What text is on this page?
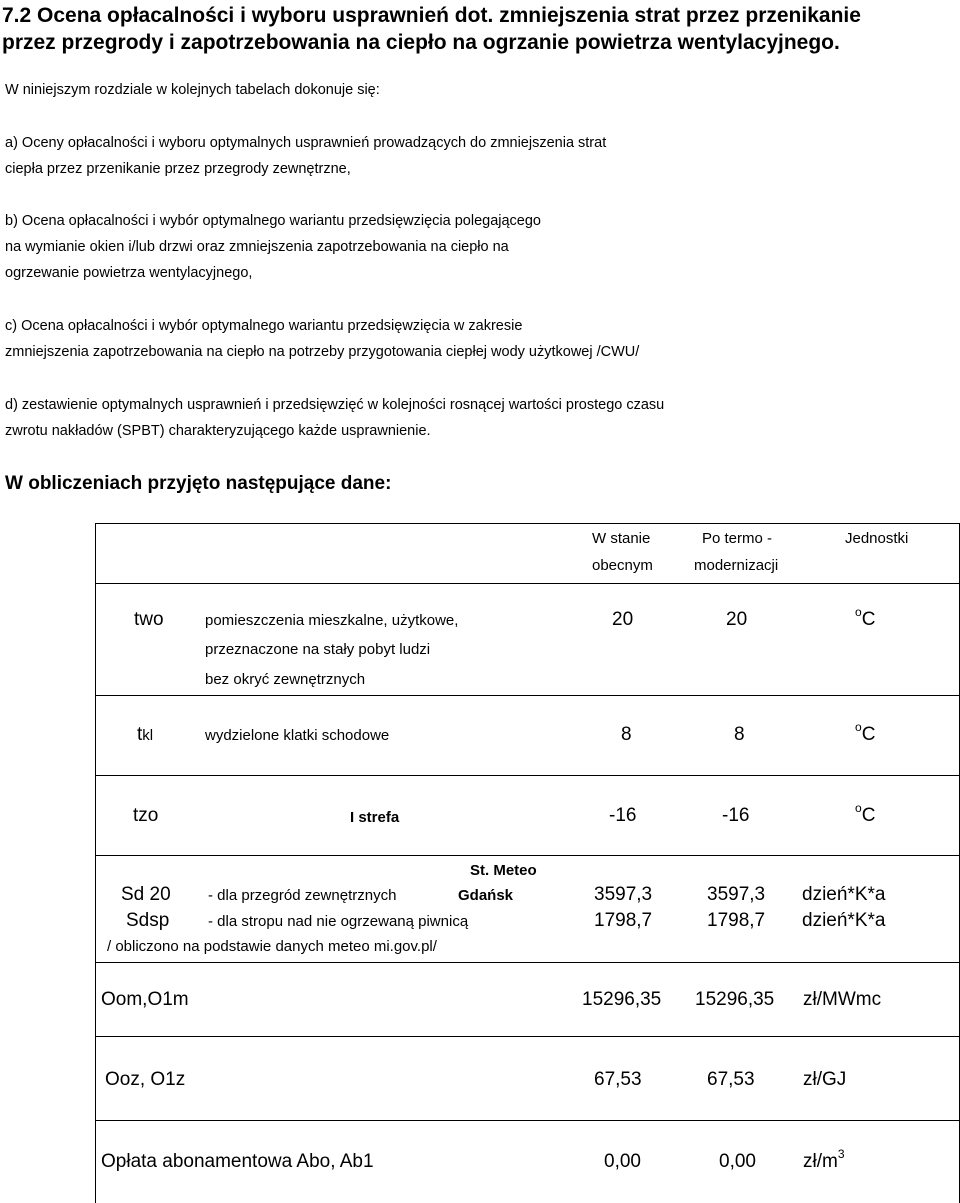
7.2 Ocena opłacalności i wyboru usprawnień dot. zmniejszenia strat przez przenikanie
przez przegrody i zapotrzebowania na ciepło na ogrzanie powietrza wentylacyjnego.
W niniejszym rozdziale w kolejnych tabelach dokonuje się:
a) Oceny opłacalności i wyboru optymalnych usprawnień prowadzących do zmniejszenia strat
ciepła przez przenikanie przez przegrody zewnętrzne,
b) Ocena opłacalności i wybór optymalnego wariantu przedsięwzięcia polegającego
na wymianie okien i/lub drzwi oraz zmniejszenia zapotrzebowania na ciepło na
ogrzewanie powietrza wentylacyjnego,
c) Ocena opłacalności i wybór optymalnego wariantu przedsięwzięcia w zakresie
zmniejszenia zapotrzebowania na ciepło na potrzeby przygotowania ciepłej wody użytkowej /CWU/
d) zestawienie optymalnych usprawnień i przedsięwzięć w kolejności rosnącej wartości prostego czasu
zwrotu nakładów (SPBT) charakteryzującego każde usprawnienie.
W obliczeniach przyjęto następujące dane:
W stanie
obecnym
Po termo -
modernizacji
Jednostki
two	pomieszczenia mieszkalne, użytkowe,
przeznaczone na stały pobyt ludzi
bez okryć zewnętrznych
20	20	$^o$C
tkl	wydzielone klatki schodowe	8	8	$^o$C
tzo	I strefa	-16	-16	$^o$C
St. Meteo
Sd 20 - dla przegród zewnętrznych	Gdańsk	3597,3	3597,3 dzień*K*a
Sdsp	- dla stropu nad nie ogrzewaną piwnicą	1798,7	1798,7 dzień*K*a
/ obliczono na podstawie danych meteo mi.gov.pl/
Oom,O1m	15296,35 15296,35 zł/MWmc
Ooz, O1z	67,53	67,53	zł/GJ
Opłata abonamentowa Abo, Ab1	0,00	0,00 $zł/m^3$
